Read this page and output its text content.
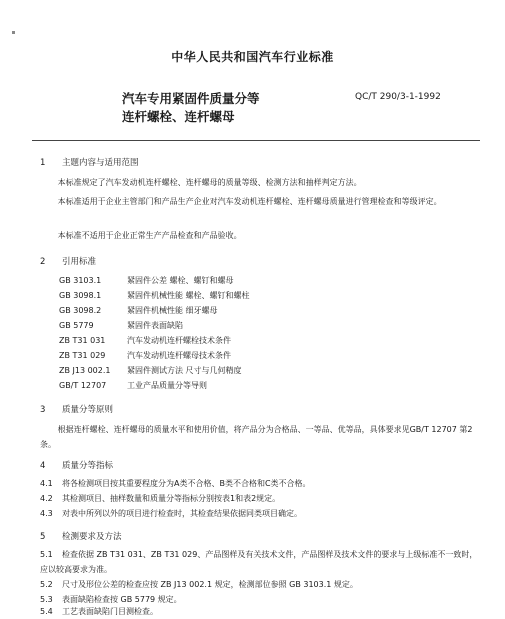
中华人民共和国汽车行业标准
汽车专用紧固件质量分等
连杆螺栓、连杆螺母
QC/T 290/3-1-1992
1 主题内容与适用范围
本标准规定了汽车发动机连杆螺栓、连杆螺母的质量等级、检测方法和抽样判定方法。
本标准适用于企业主管部门和产品生产企业对汽车发动机连杆螺栓、连杆螺母质量进行管理检查和等级评定。
本标准不适用于企业正常生产产品检查和产品验收。
2 引用标准
GB 3103.1	紧固件公差 螺栓、螺钉和螺母
GB 3098.1	紧固件机械性能 螺栓、螺钉和螺柱
GB 3098.2	紧固件机械性能 细牙螺母
GB 5779	紧固件表面缺陷
ZB T31 031	汽车发动机连杆螺栓技术条件
ZB T31 029	汽车发动机连杆螺母技术条件
ZB J13 002.1 紧固件测试方法 尺寸与几何精度
GB/T 12707	工业产品质量分等导则
3 质量分等原则
根据连杆螺栓、连杆螺母的质量水平和使用价值，将产品分为合格品、一等品、优等品，具体要求见GB/T 12707 第2条。
4 质量分等指标
4.1 将各检测项目按其重要程度分为A类不合格、B类不合格和C类不合格。
4.2 其检测项目、抽样数量和质量分等指标分别按表1和表2规定。
4.3 对表中所列以外的项目进行检查时，其检查结果依据同类项目确定。
5 检测要求及方法
5.1 检查依据 ZB T31 031、ZB T31 029、产品图样及有关技术文件，产品图样及技术文件的要求与上级标准不一致时，应以较高要求为准。
5.2 尺寸及形位公差的检查应按 ZB J13 002.1 规定，检测部位参照 GB 3103.1 规定。
5.3 表面缺陷检查按 GB 5779 规定。
5.4 工艺表面缺陷门目测检查。
